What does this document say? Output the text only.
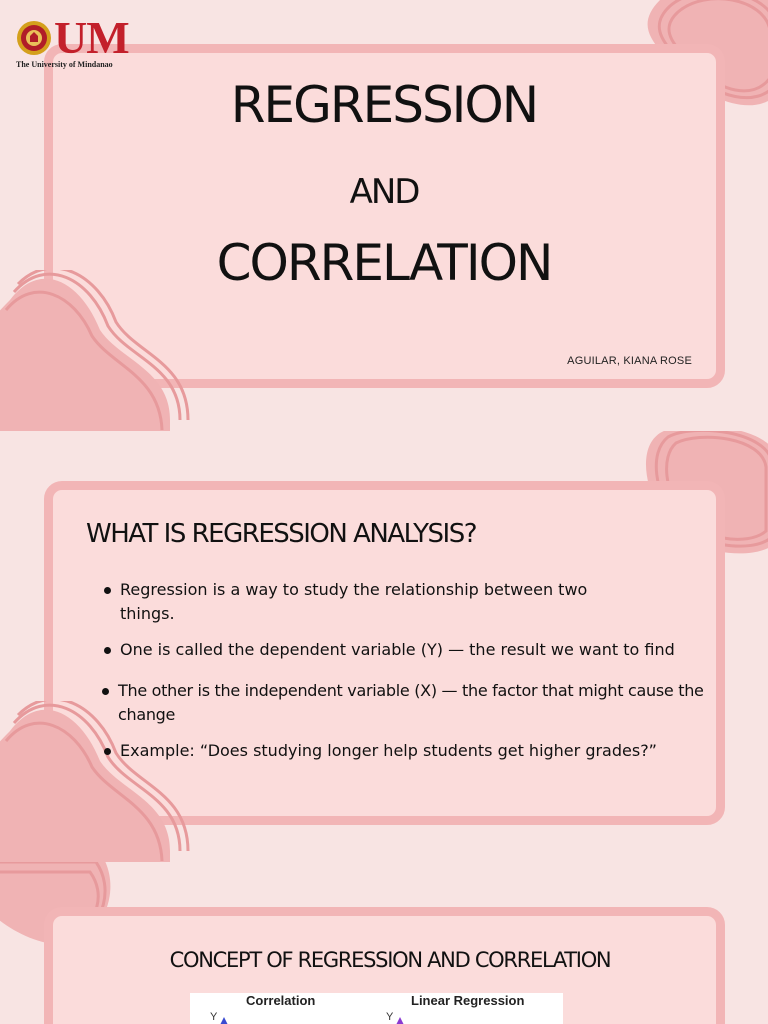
UM
The University of Mindanao
REGRESSION
AND
CORRELATION
AGUILAR, KIANA ROSE
WHAT IS REGRESSION ANALYSIS?
Regression is a way to study the relationship between two things.
One is called the dependent variable (Y) — the result we want to find
The other is the independent variable (X) — the factor that might cause the change
Example: “Does studying longer help students get higher grades?”
CONCEPT OF REGRESSION AND CORRELATION
Correlation	Linear Regression
Y	Y
